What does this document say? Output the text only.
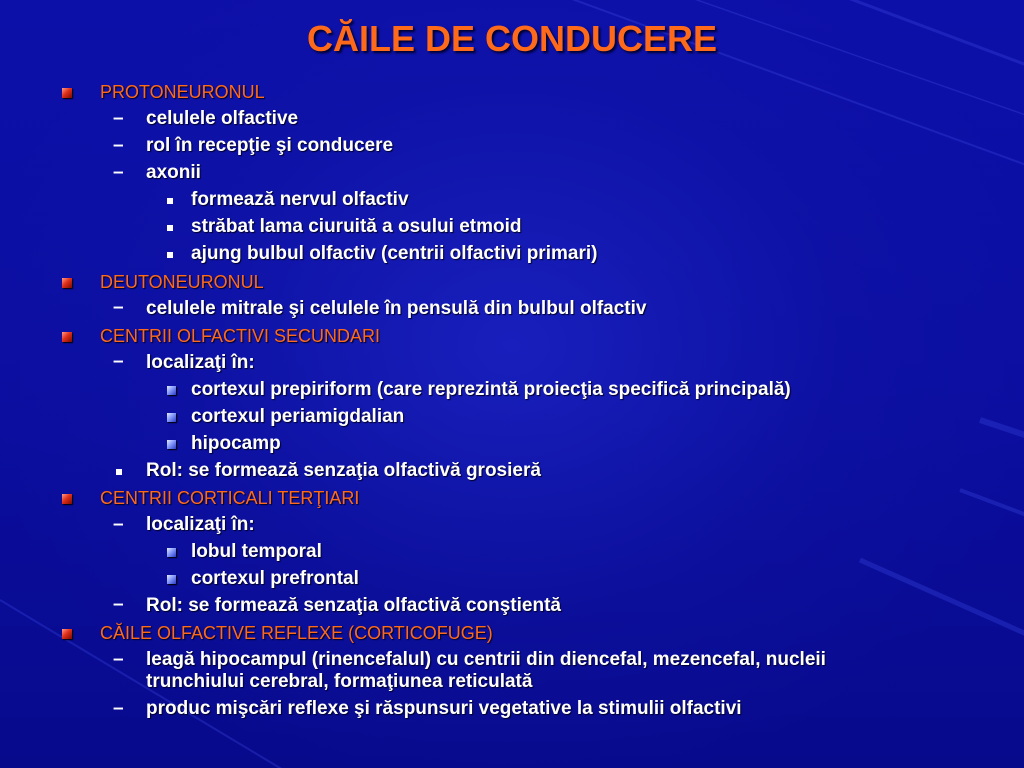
CĂILE DE CONDUCERE
PROTONEURONUL
– celulele olfactive
– rol în recepţie şi conducere
– axonii
formează nervul olfactiv
străbat lama ciuruită a osului etmoid
ajung bulbul olfactiv (centrii olfactivi primari)
DEUTONEURONUL
– celulele mitrale şi celulele în pensulă din bulbul olfactiv
CENTRII OLFACTIVI SECUNDARI
– localizaţi în:
cortexul prepiriform (care reprezintă proiecţia specifică principală)
cortexul periamigdalian
hipocamp
Rol: se formează senzaţia olfactivă grosieră
CENTRII CORTICALI TERŢIARI
– localizaţi în:
lobul temporal
cortexul prefrontal
– Rol: se formează senzaţia olfactivă conştientă
CĂILE OLFACTIVE REFLEXE (CORTICOFUGE)
– leagă hipocampul (rinencefalul) cu centrii din diencefal, mezencefal, nucleii
trunchiului cerebral, formaţiunea reticulată
– produc mişcări reflexe şi răspunsuri vegetative la stimulii olfactivi
